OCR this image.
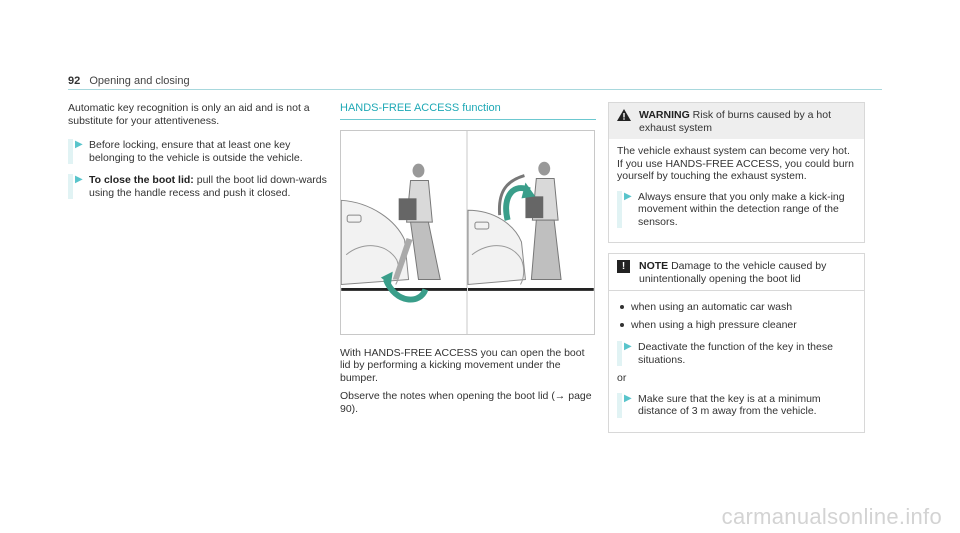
92 Opening and closing

Automatic key recognition is only an aid and is not a substitute for your attentiveness.

▶ Before locking, ensure that at least one key belonging to the vehicle is outside the vehicle.
▶ To close the boot lid: pull the boot lid down-wards using the handle recess and push it closed.
HANDS-FREE ACCESS function

With HANDS-FREE ACCESS you can open the boot lid by performing a kicking movement under the bumper.

Observe the notes when opening the boot lid (→ page 90).

WARNING Risk of burns caused by a hot exhaust system

The vehicle exhaust system can become very hot. If you use HANDS-FREE ACCESS, you could burn yourself by touching the exhaust system.

▶ Always ensure that you only make a kick-ing movement within the detection range of the sensors.
!	NOTE Damage to the vehicle caused by unintentionally opening the boot lid
when using an automatic car wash
when using a high pressure cleaner
▶ Deactivate the function of the key in these situations.
or
▶ Make sure that the key is at a minimum distance of 3 m away from the vehicle.
carmanualsonline.info
